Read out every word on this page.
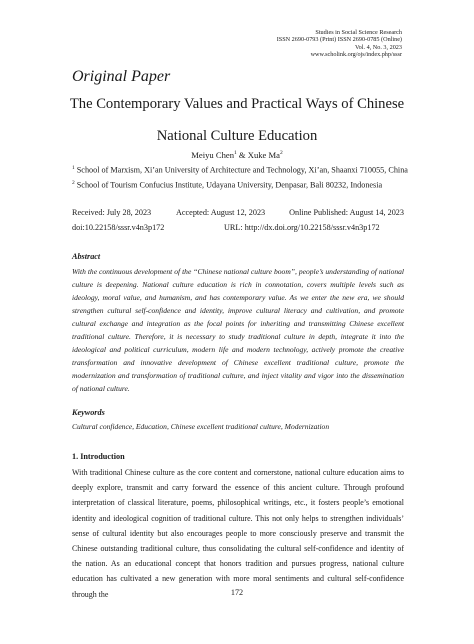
Studies in Social Science Research
ISSN 2690-0793 (Print) ISSN 2690-0785 (Online)
Vol. 4, No. 3, 2023
www.scholink.org/ojs/index.php/sssr
Original Paper
The Contemporary Values and Practical Ways of Chinese
National Culture Education
Meiyu Chen$^1$ & Xuke Ma$^2$
$^1$ School of Marxism, Xi’an University of Architecture and Technology, Xi’an, Shaanxi 710055, China
$^2$ School of Tourism Confucius Institute, Udayana University, Denpasar, Bali 80232, Indonesia
Received: July 28, 2023	Accepted: August 12, 2023	Online Published: August 14, 2023
doi:10.22158/sssr.v4n3p172	URL: http://dx.doi.org/10.22158/sssr.v4n3p172
Abstract

With the continuous development of the “Chinese national culture boom”, people’s understanding of national culture is deepening. National culture education is rich in connotation, covers multiple levels such as ideology, moral value, and humanism, and has contemporary value. As we enter the new era, we should strengthen cultural self-confidence and identity, improve cultural literacy and cultivation, and promote cultural exchange and integration as the focal points for inheriting and transmitting Chinese excellent traditional culture. Therefore, it is necessary to study traditional culture in depth, integrate it into the ideological and political curriculum, modern life and modern technology, actively promote the creative transformation and innovative development of Chinese excellent traditional culture, promote the modernization and transformation of traditional culture, and inject vitality and vigor into the dissemination of national culture.

Keywords
Cultural confidence, Education, Chinese excellent traditional culture, Modernization
1. Introduction

With traditional Chinese culture as the core content and cornerstone, national culture education aims to deeply explore, transmit and carry forward the essence of this ancient culture. Through profound interpretation of classical literature, poems, philosophical writings, etc., it fosters people’s emotional identity and ideological cognition of traditional culture. This not only helps to strengthen individuals’ sense of cultural identity but also encourages people to more consciously preserve and transmit the Chinese outstanding traditional culture, thus consolidating the cultural self-confidence and identity of the nation. As an educational concept that honors tradition and pursues progress, national culture education has cultivated a new generation with more moral sentiments and cultural self-confidence through the	172
